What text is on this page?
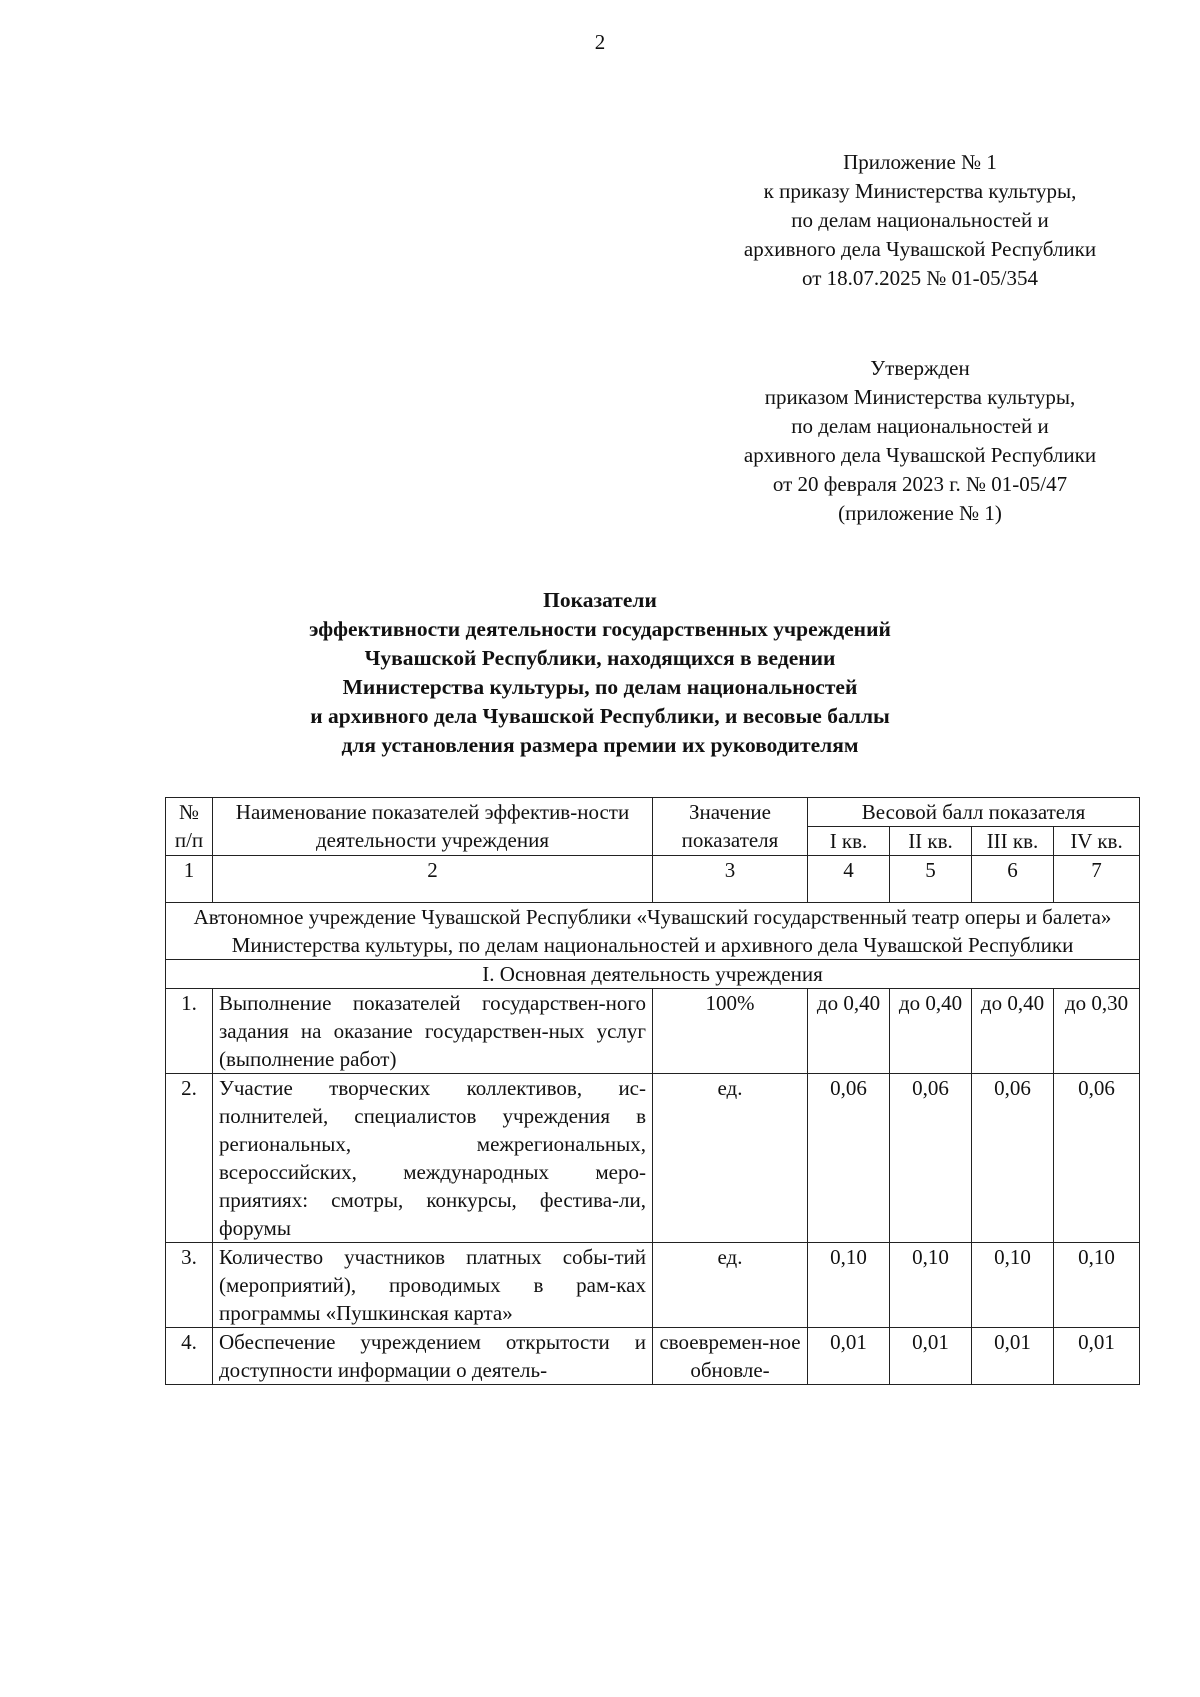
2
Приложение № 1
к приказу Министерства культуры,
по делам национальностей и
архивного дела Чувашской Республики
от 18.07.2025 № 01-05/354
Утвержден
приказом Министерства культуры,
по делам национальностей и
архивного дела Чувашской Республики
от 20 февраля 2023 г. № 01-05/47
(приложение № 1)
Показатели
эффективности деятельности государственных учреждений
Чувашской Республики, находящихся в ведении
Министерства культуры, по делам национальностей
и архивного дела Чувашской Республики, и весовые баллы
для установления размера премии их руководителям
№ п/п	Наименование показателей эффектив-ности деятельности учреждения	Значение показателя	Весовой балл показателя			
			I кв.	II кв.	III кв.	IV кв.
1	2	3	4	5	6	7
Автономное учреждение Чувашской Республики «Чувашский государственный театр оперы и балета» Министерства культуры, по делам национальностей и архивного дела Чувашской Республики						
I. Основная деятельность учреждения						
1.	Выполнение показателей государствен-ного задания на оказание государствен-ных услуг (выполнение работ)	100%	до 0,40	до 0,40	до 0,40	до 0,30
2.	Участие творческих коллективов, ис-полнителей, специалистов учреждения в региональных, межрегиональных, всероссийских, международных меро-приятиях: смотры, конкурсы, фестива-ли, форумы	ед.	0,06	0,06	0,06	0,06
3.	Количество участников платных собы-тий (мероприятий), проводимых в рам-ках программы «Пушкинская карта»	ед.	0,10	0,10	0,10	0,10
4.	Обеспечение учреждением открытости и доступности информации о деятель-	своевремен-ное обновле-	0,01	0,01	0,01	0,01
